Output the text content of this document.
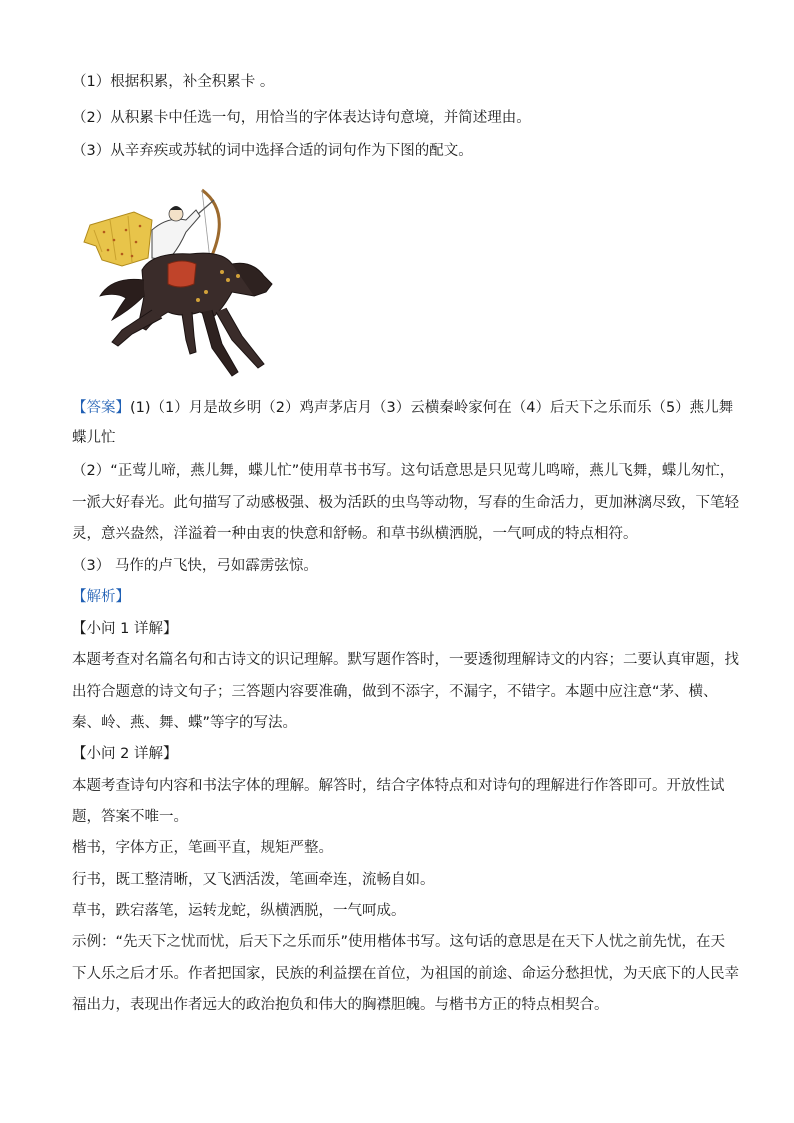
（1）根据积累，补全积累卡 。
（2）从积累卡中任选一句，用恰当的字体表达诗句意境，并简述理由。
（3）从辛弃疾或苏轼的词中选择合适的词句作为下图的配文。
【答案】(1)（1）月是故乡明（2）鸡声茅店月（3）云横秦岭家何在（4）后天下之乐而乐（5）燕儿舞
蝶儿忙
（2）“正莺儿啼，燕儿舞，蝶儿忙”使用草书书写。这句话意思是只见莺儿鸣啼，燕儿飞舞，蝶儿匆忙，
一派大好春光。此句描写了动感极强、极为活跃的虫鸟等动物，写春的生命活力，更加淋漓尽致，下笔轻
灵，意兴盎然，洋溢着一种由衷的快意和舒畅。和草书纵横洒脱，一气呵成的特点相符。
（3） 马作的卢飞快，弓如霹雳弦惊。
【解析】
【小问 1 详解】
本题考查对名篇名句和古诗文的识记理解。默写题作答时，一要透彻理解诗文的内容；二要认真审题，找
出符合题意的诗文句子；三答题内容要准确，做到不添字，不漏字，不错字。本题中应注意“茅、横、
秦、岭、燕、舞、蝶”等字的写法。
【小问 2 详解】
本题考查诗句内容和书法字体的理解。解答时，结合字体特点和对诗句的理解进行作答即可。开放性试
题，答案不唯一。
楷书，字体方正，笔画平直，规矩严整。
行书，既工整清晰，又飞洒活泼，笔画牵连，流畅自如。
草书，跌宕落笔，运转龙蛇，纵横洒脱，一气呵成。
示例：“先天下之忧而忧，后天下之乐而乐”使用楷体书写。这句话的意思是在天下人忧之前先忧，在天
下人乐之后才乐。作者把国家，民族的利益摆在首位，为祖国的前途、命运分愁担忧，为天底下的人民幸
福出力，表现出作者远大的政治抱负和伟大的胸襟胆魄。与楷书方正的特点相契合。
